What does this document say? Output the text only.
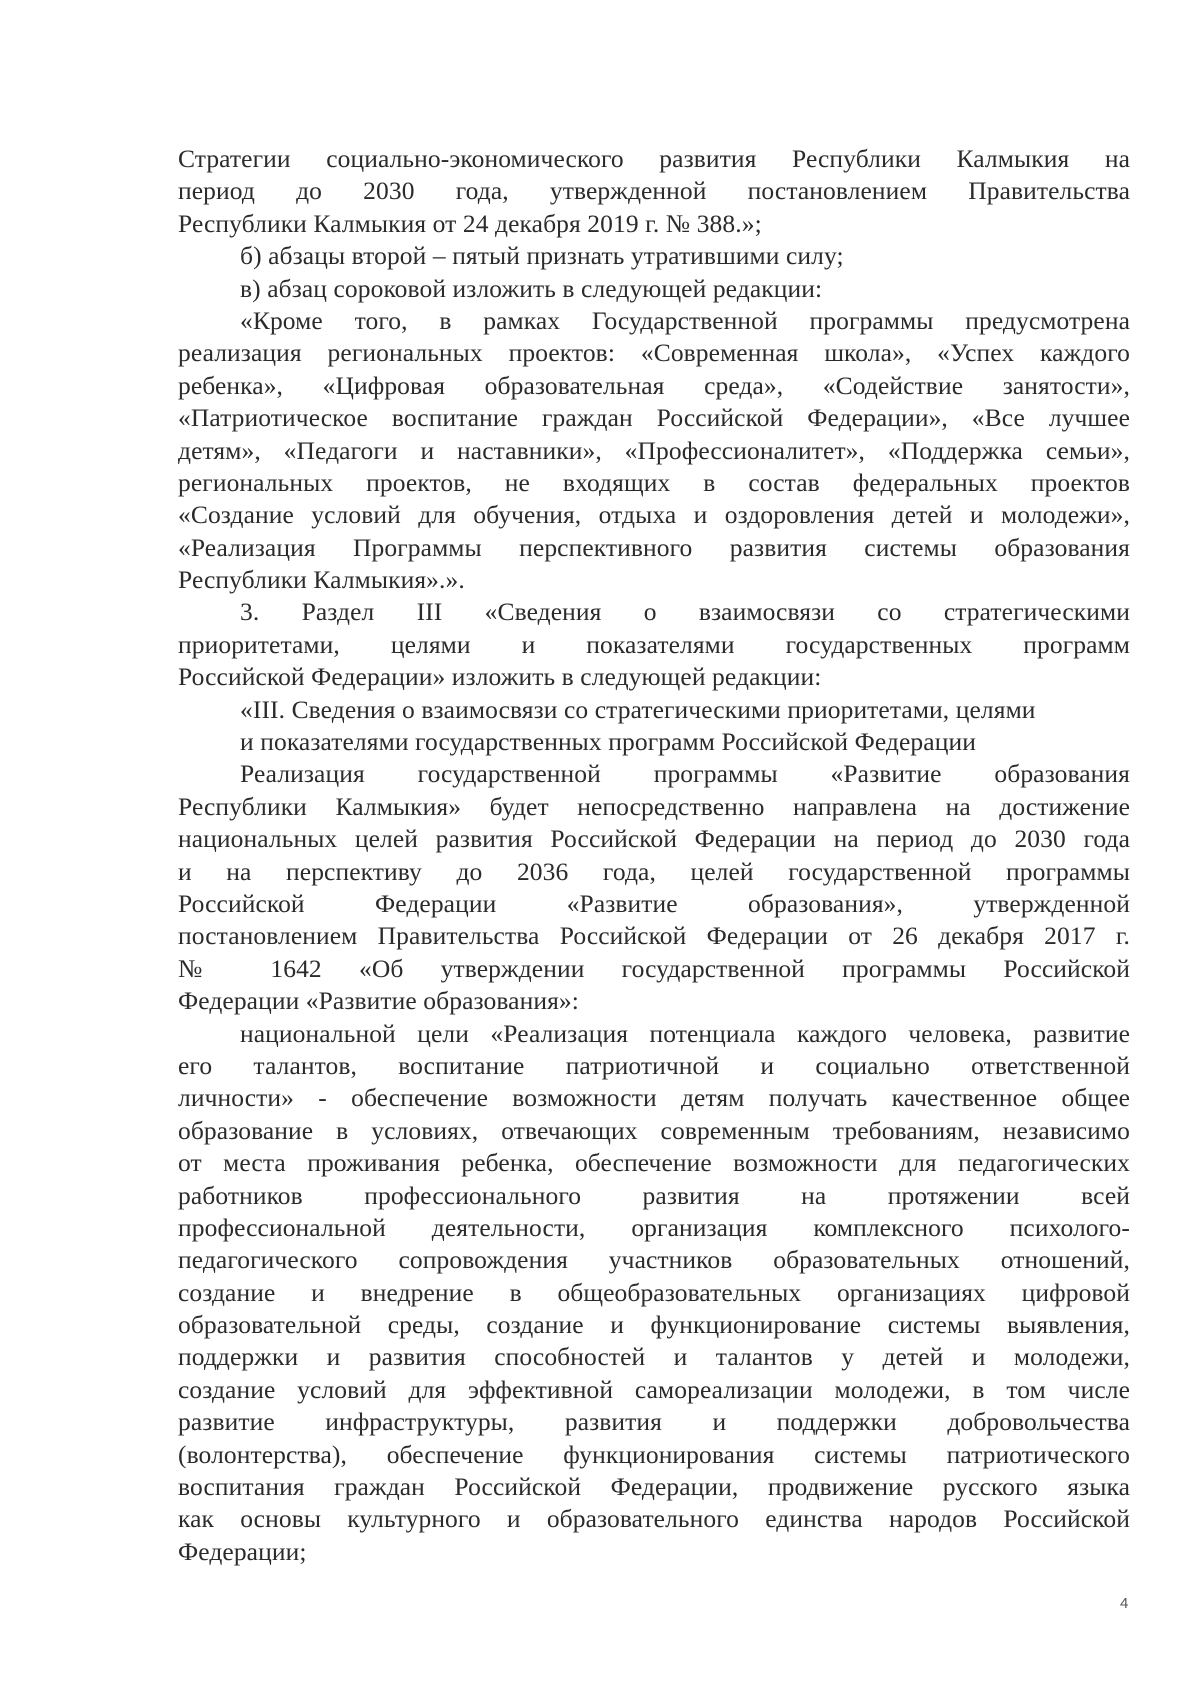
Стратегии социально-экономического развития Республики Калмыкия на
период до 2030 года, утвержденной постановлением Правительства
Республики Калмыкия от 24 декабря 2019 г. № 388.»;
б) абзацы второй – пятый признать утратившими силу;
в) абзац сороковой изложить в следующей редакции:
«Кроме того, в рамках Государственной программы предусмотрена
реализация региональных проектов: «Современная школа», «Успех каждого
ребенка», «Цифровая образовательная среда», «Содействие занятости»,
«Патриотическое воспитание граждан Российской Федерации», «Все лучшее
детям», «Педагоги и наставники», «Профессионалитет», «Поддержка семьи»,
региональных проектов, не входящих в состав федеральных проектов
«Создание условий для обучения, отдыха и оздоровления детей и молодежи»,
«Реализация Программы перспективного развития системы образования
Республики Калмыкия».».
3. Раздел III «Сведения о взаимосвязи со стратегическими
приоритетами, целями и показателями государственных программ
Российской Федерации» изложить в следующей редакции:
«III. Сведения о взаимосвязи со стратегическими приоритетами, целями
и показателями государственных программ Российской Федерации
Реализация государственной программы «Развитие образования
Республики Калмыкия» будет непосредственно направлена на достижение
национальных целей развития Российской Федерации на период до 2030 года
и на перспективу до 2036 года, целей государственной программы
Российской Федерации «Развитие образования», утвержденной
постановлением Правительства Российской Федерации от 26 декабря 2017 г.
№ 1642 «Об утверждении государственной программы Российской
Федерации «Развитие образования»:
национальной цели «Реализация потенциала каждого человека, развитие
его талантов, воспитание патриотичной и социально ответственной
личности» - обеспечение возможности детям получать качественное общее
образование в условиях, отвечающих современным требованиям, независимо
от места проживания ребенка, обеспечение возможности для педагогических
работников профессионального развития на протяжении всей
профессиональной деятельности, организация комплексного психолого-
педагогического сопровождения участников образовательных отношений,
создание и внедрение в общеобразовательных организациях цифровой
образовательной среды, создание и функционирование системы выявления,
поддержки и развития способностей и талантов у детей и молодежи,
создание условий для эффективной самореализации молодежи, в том числе
развитие инфраструктуры, развития и поддержки добровольчества
(волонтерства), обеспечение функционирования системы патриотического
воспитания граждан Российской Федерации, продвижение русского языка
как основы культурного и образовательного единства народов Российской
Федерации;
4
